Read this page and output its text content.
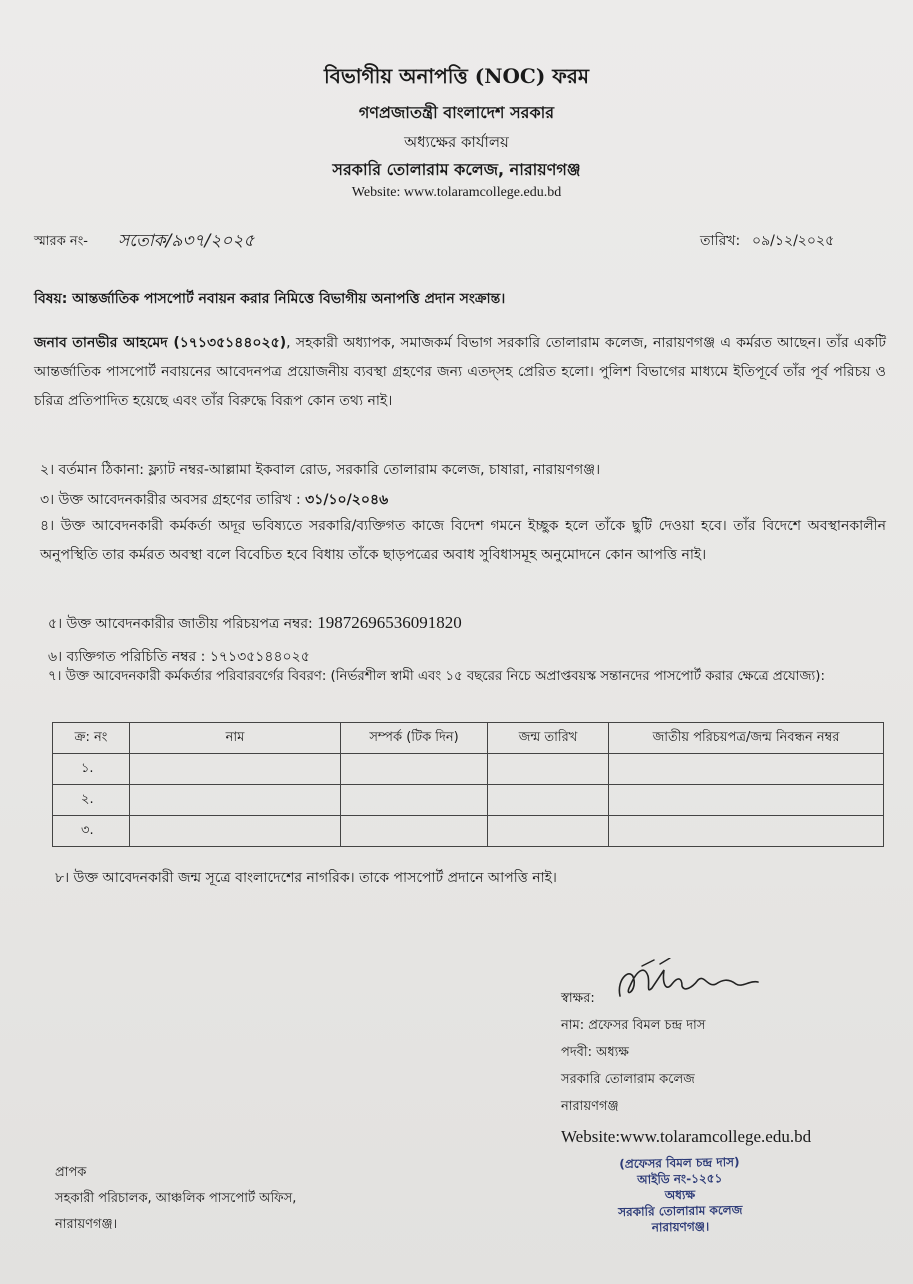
বিভাগীয় অনাপত্তি (NOC) ফরম
গণপ্রজাতন্ত্রী বাংলাদেশ সরকার
অধ্যক্ষের কার্যালয়
সরকারি তোলারাম কলেজ, নারায়ণগঞ্জ
Website: www.tolaramcollege.edu.bd
স্মারক নং- সতোক/৯৩৭/২০২৫	তারিখ: ০৯/১২/২০২৫
বিষয়: আন্তর্জাতিক পাসপোর্ট নবায়ন করার নিমিত্তে বিভাগীয় অনাপত্তি প্রদান সংক্রান্ত।
জনাব তানভীর আহমেদ (১৭১৩৫১৪৪০২৫), সহকারী অধ্যাপক, সমাজকর্ম বিভাগ সরকারি তোলারাম কলেজ, নারায়ণগঞ্জ এ কর্মরত আছেন। তাঁর একটি আন্তর্জাতিক পাসপোর্ট নবায়নের আবেদনপত্র প্রয়োজনীয় ব্যবস্থা গ্রহণের জন্য এতদ্সহ প্রেরিত হলো। পুলিশ বিভাগের মাধ্যমে ইতিপূর্বে তাঁর পূর্ব পরিচয় ও চরিত্র প্রতিপাদিত হয়েছে এবং তাঁর বিরুদ্ধে বিরূপ কোন তথ্য নাই।
২। বর্তমান ঠিকানা: ফ্ল্যাট নম্বর-আল্লামা ইকবাল রোড, সরকারি তোলারাম কলেজ, চাষারা, নারায়ণগঞ্জ।
৩। উক্ত আবেদনকারীর অবসর গ্রহণের তারিখ : ৩১/১০/২০৪৬
৪। উক্ত আবেদনকারী কর্মকর্তা অদূর ভবিষ্যতে সরকারি/ব্যক্তিগত কাজে বিদেশ গমনে ইচ্ছুক হলে তাঁকে ছুটি দেওয়া হবে। তাঁর বিদেশে অবস্থানকালীন অনুপস্থিতি তার কর্মরত অবস্থা বলে বিবেচিত হবে বিধায় তাঁকে ছাড়পত্রের অবাধ সুবিধাসমূহ অনুমোদনে কোন আপত্তি নাই।
৫। উক্ত আবেদনকারীর জাতীয় পরিচয়পত্র নম্বর: 19872696536091820
৬। ব্যক্তিগত পরিচিতি নম্বর : ১৭১৩৫১৪৪০২৫
৭। উক্ত আবেদনকারী কর্মকর্তার পরিবারবর্গের বিবরণ: (নির্ভরশীল স্বামী এবং ১৫ বছরের নিচে অপ্রাপ্তবয়স্ক সন্তানদের পাসপোর্ট করার ক্ষেত্রে প্রযোজ্য):
ক্র: নং	নাম	সম্পর্ক (টিক দিন)	জন্ম তারিখ	জাতীয় পরিচয়পত্র/জন্ম নিবন্ধন নম্বর
১.				
২.				
৩.				
৮। উক্ত আবেদনকারী জন্ম সূত্রে বাংলাদেশের নাগরিক। তাকে পাসপোর্ট প্রদানে আপত্তি নাই।
স্বাক্ষর:
নাম: প্রফেসর বিমল চন্দ্র দাস
পদবী: অধ্যক্ষ
সরকারি তোলারাম কলেজ
নারায়ণগঞ্জ
Website:www.tolaramcollege.edu.bd
(প্রফেসর বিমল চন্দ্র দাস)
আইডি নং-১২৫১
অধ্যক্ষ
সরকারি তোলারাম কলেজ
নারায়ণগঞ্জ।
প্রাপক
সহকারী পরিচালক, আঞ্চলিক পাসপোর্ট অফিস,
নারায়ণগঞ্জ।
